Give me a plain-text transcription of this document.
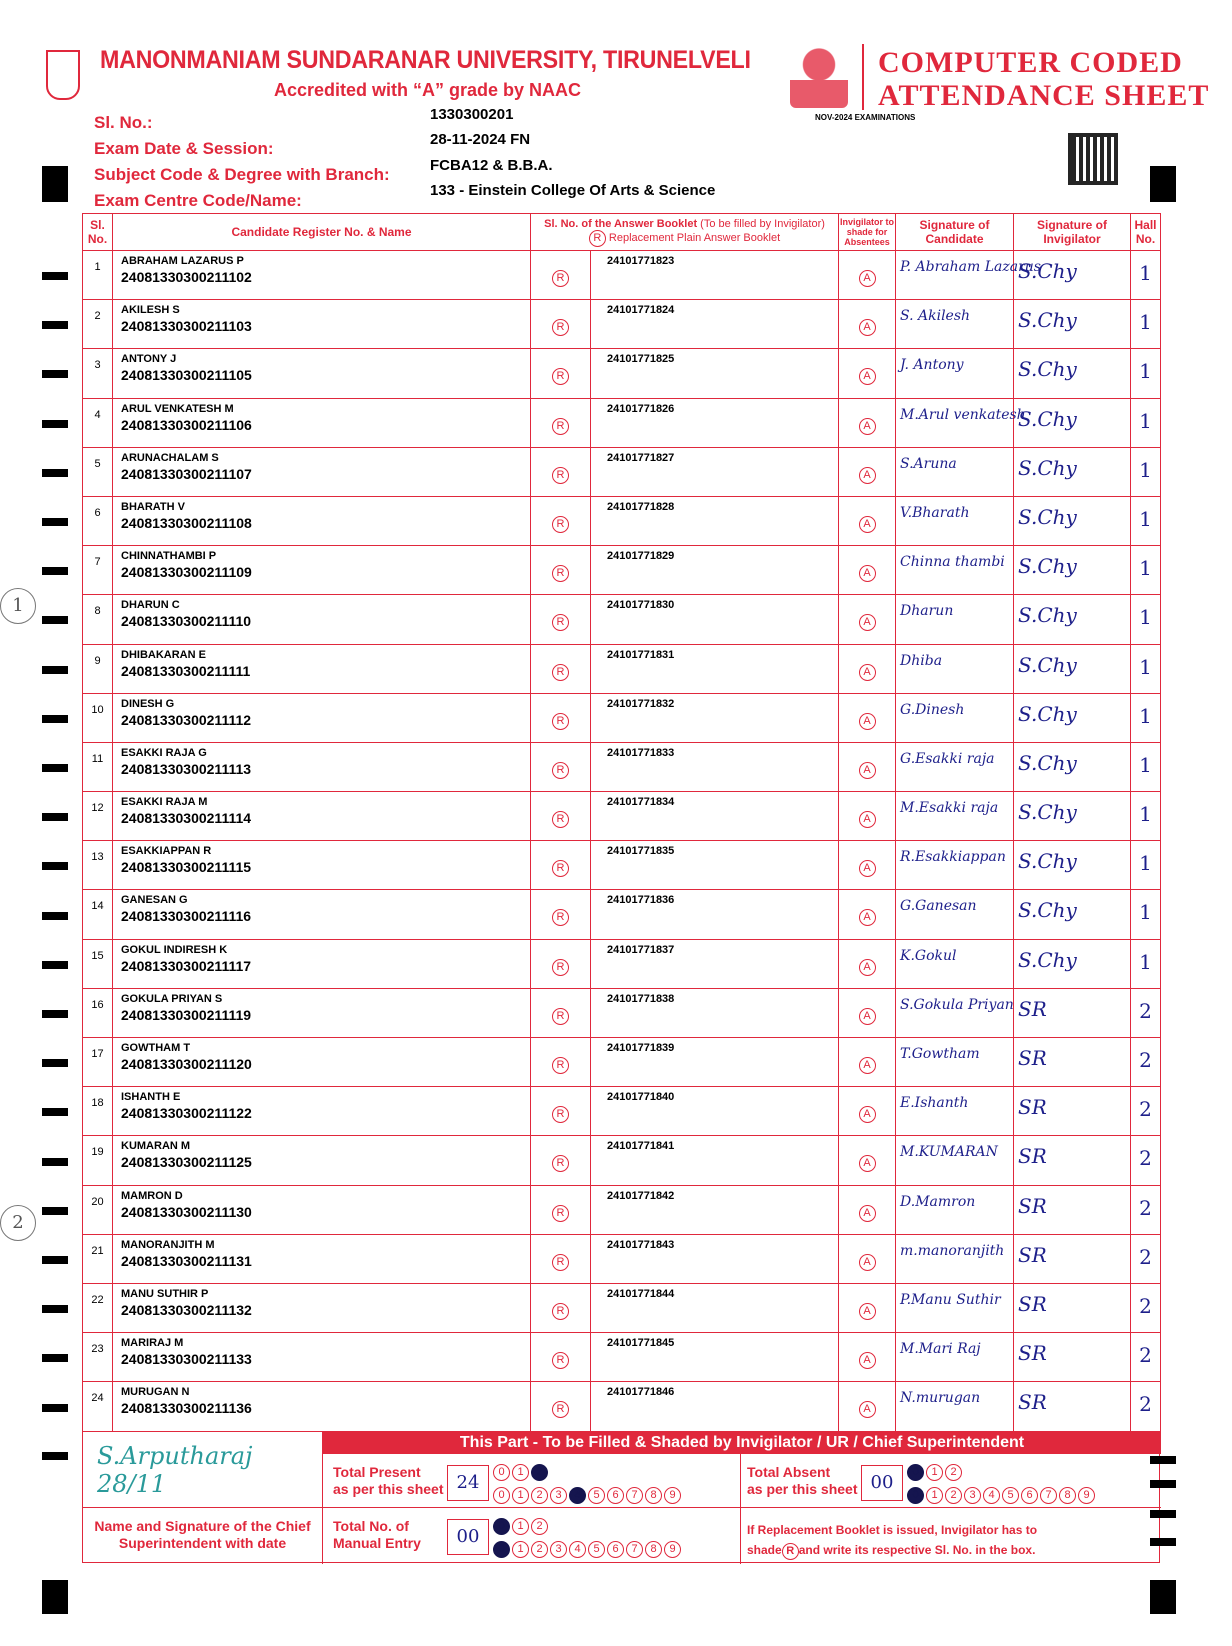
MANONMANIAM SUNDARANAR UNIVERSITY, TIRUNELVELI
Accredited with “A” grade by NAAC
COMPUTER CODED
ATTENDANCE SHEET
NOV-2024 EXAMINATIONS
Sl. No.:
Exam Date & Session:
Subject Code & Degree with Branch:
Exam Centre Code/Name:
1330300201
28-11-2024 FN
FCBA12 & B.B.A.
133 - Einstein College Of Arts & Science
Sl. No.	Candidate Register No. & Name	Sl. No. of the Answer Booklet (To be filled by Invigilator)
R Replacement Plain Answer Booklet		Invigilator to shade for Absentees	Signature of Candidate	Signature of Invigilator	Hall No.
1	ABRAHAM LAZARUS P
24081330300211102	R	24101771823	A	P. Abraham Lazarus	S.Chy	1
2	AKILESH S
24081330300211103	R	24101771824	A	S. Akilesh	S.Chy	1
3	ANTONY J
24081330300211105	R	24101771825	A	J. Antony	S.Chy	1
4	ARUL VENKATESH M
24081330300211106	R	24101771826	A	M.Arul venkatesh	S.Chy	1
5	ARUNACHALAM S
24081330300211107	R	24101771827	A	S.Aruna	S.Chy	1
6	BHARATH V
24081330300211108	R	24101771828	A	V.Bharath	S.Chy	1
7	CHINNATHAMBI P
24081330300211109	R	24101771829	A	Chinna thambi	S.Chy	1
8	DHARUN C
24081330300211110	R	24101771830	A	Dharun	S.Chy	1
9	DHIBAKARAN E
24081330300211111	R	24101771831	A	Dhiba	S.Chy	1
10	DINESH G
24081330300211112	R	24101771832	A	G.Dinesh	S.Chy	1
11	ESAKKI RAJA G
24081330300211113	R	24101771833	A	G.Esakki raja	S.Chy	1
12	ESAKKI RAJA M
24081330300211114	R	24101771834	A	M.Esakki raja	S.Chy	1
13	ESAKKIAPPAN R
24081330300211115	R	24101771835	A	R.Esakkiappan	S.Chy	1
14	GANESAN G
24081330300211116	R	24101771836	A	G.Ganesan	S.Chy	1
15	GOKUL INDIRESH K
24081330300211117	R	24101771837	A	K.Gokul	S.Chy	1
16	GOKULA PRIYAN S
24081330300211119	R	24101771838	A	S.Gokula Priyan	SR	2
17	GOWTHAM T
24081330300211120	R	24101771839	A	T.Gowtham	SR	2
18	ISHANTH E
24081330300211122	R	24101771840	A	E.Ishanth	SR	2
19	KUMARAN M
24081330300211125	R	24101771841	A	M.KUMARAN	SR	2
20	MAMRON D
24081330300211130	R	24101771842	A	D.Mamron	SR	2
21	MANORANJITH M
24081330300211131	R	24101771843	A	m.manoranjith	SR	2
22	MANU SUTHIR P
24081330300211132	R	24101771844	A	P.Manu Suthir	SR	2
23	MARIRAJ M
24081330300211133	R	24101771845	A	M.Mari Raj	SR	2
24	MURUGAN N
24081330300211136	R	24101771846	A	N.murugan	SR	2
1
2
This Part - To be Filled & Shaded by Invigilator / UR / Chief Superintendent
S.Arputharaj 28/11
Name and Signature of the Chief Superintendent with date
Total Present
as per this sheet 24	0 1 2
0 1 2 3 4 5 6 7 8 9
Total Absent
as per this sheet 00	0 1 2
0 1 2 3 4 5 6 7 8 9
Total No. of
Manual Entry	00	0 1 2
0 1 2 3 4 5 6 7 8 9
If Replacement Booklet is issued, Invigilator has to
shade R and write its respective Sl. No. in the box.
